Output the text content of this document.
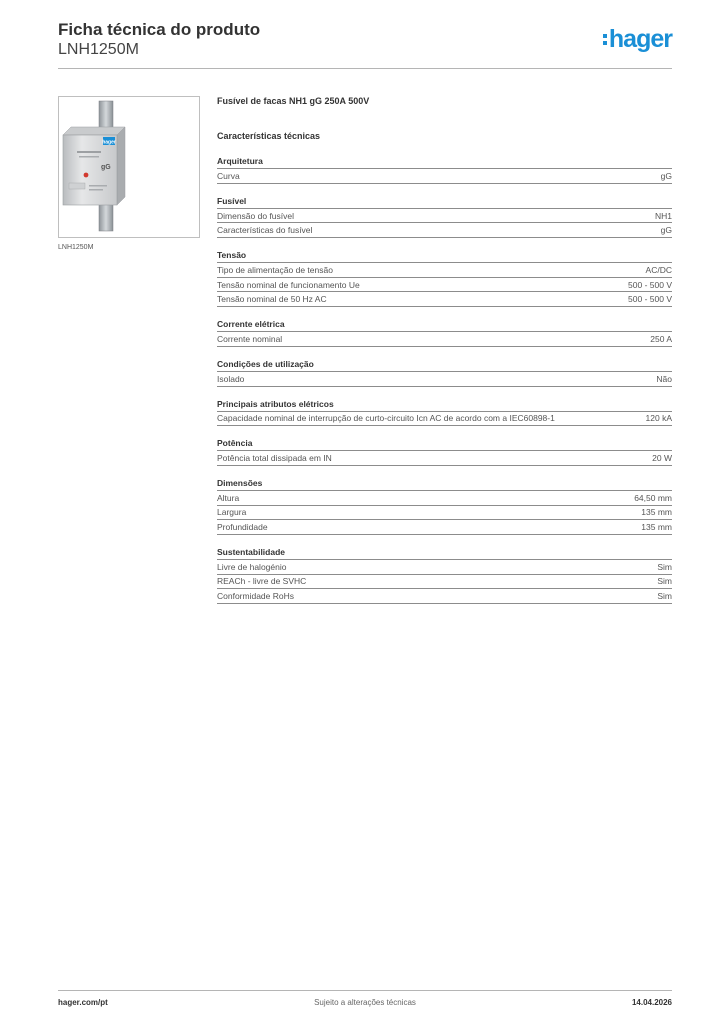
Ficha técnica do produto
LNH1250M	hager
hager
gG
LNH1250M
Fusível de facas NH1 gG 250A 500V
Características técnicas
Arquitetura
Curva	gG
Fusível
Dimensão do fusível	NH1
Características do fusível	gG
Tensão
Tipo de alimentação de tensão	AC/DC
Tensão nominal de funcionamento Ue	500 - 500 V
Tensão nominal de 50 Hz AC	500 - 500 V
Corrente elétrica
Corrente nominal	250 A
Condições de utilização
Isolado	Não
Principais atributos elétricos
Capacidade nominal de interrupção de curto-circuito Icn AC de acordo com a IEC60898-1	120 kA
Potência
Potência total dissipada em IN	20 W
Dimensões
Altura	64,50 mm
Largura	135 mm
Profundidade	135 mm
Sustentabilidade
Livre de halogénio	Sim
REACh - livre de SVHC	Sim
Conformidade RoHs	Sim
hager.com/pt	Sujeito a alterações técnicas	14.04.2026
